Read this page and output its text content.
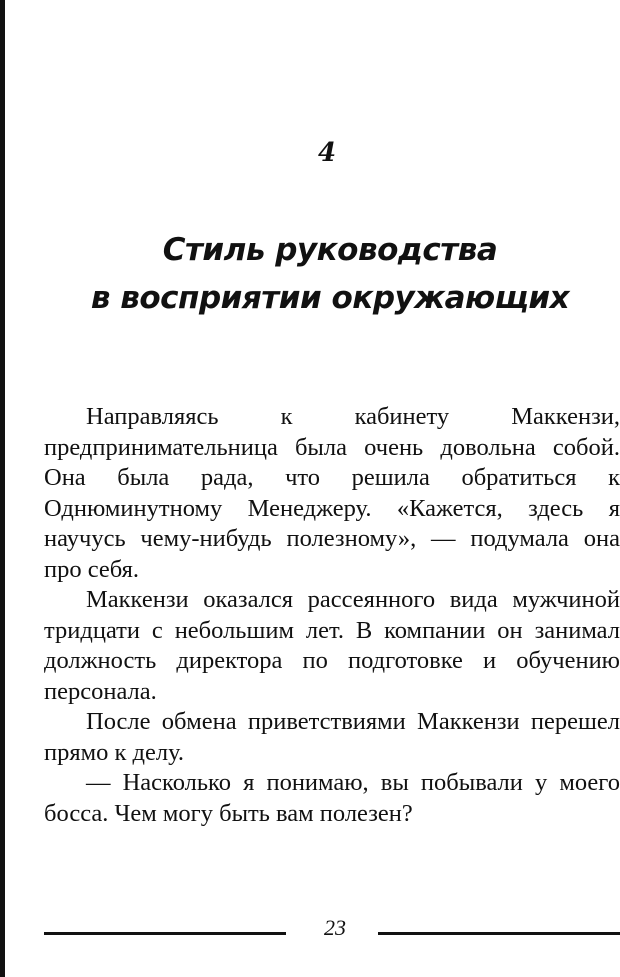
4
Стиль руководства
в восприятии окружающих

Направляясь к кабинету Маккензи, предпринимательница была очень довольна собой. Она была рада, что решила обратиться к Однюминутному Менеджеру. «Кажется, здесь я научусь чему-нибудь полезному», — подумала она про себя.

Маккензи оказался рассеянного вида мужчиной тридцати с небольшим лет. В компании он занимал должность директора по подготовке и обучению персонала.

После обмена приветствиями Маккензи перешел прямо к делу.

— Насколько я понимаю, вы побывали у моего босса. Чем могу быть вам полезен?

23
